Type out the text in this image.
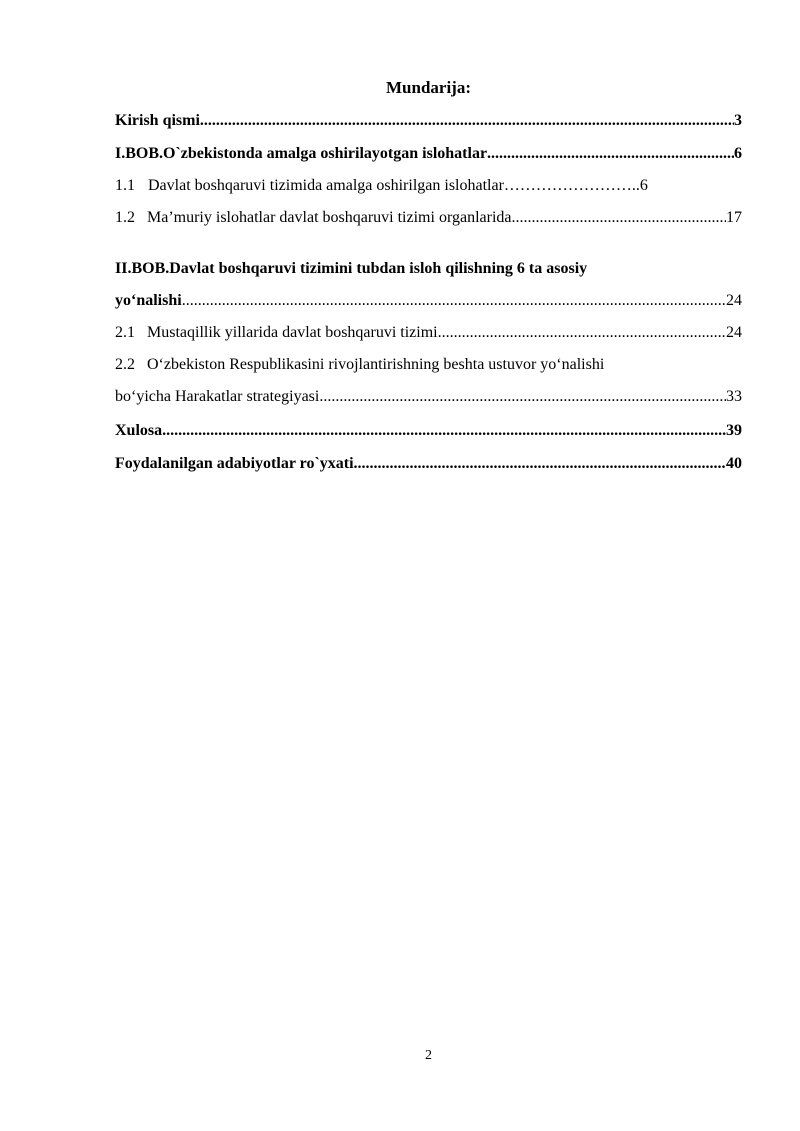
Mundarija:
Kirish qismi .....	3
I.BOB.O`zbekistonda amalga oshirilayotgan islohatlar .....	6
1.1 Davlat boshqaruvi tizimida amalga oshirilgan islohatlar…………………….. 6
1.2 Ma’muriy islohatlar davlat boshqaruvi tizimi organlarida .....	17
II.BOB.Davlat boshqaruvi tizimini tubdan isloh qilishning 6 ta asosiy
yo‘nalishi .....	24
2.1 Mustaqillik yillarida davlat boshqaruvi tizimi .....	24
2.2 O‘zbekiston Respublikasini rivojlantirishning beshta ustuvor yo‘nalishi
bo‘yicha Harakatlar strategiyasi .....	33
Xulosa .....	39
Foydalanilgan adabiyotlar ro`yxati .....	40
2
